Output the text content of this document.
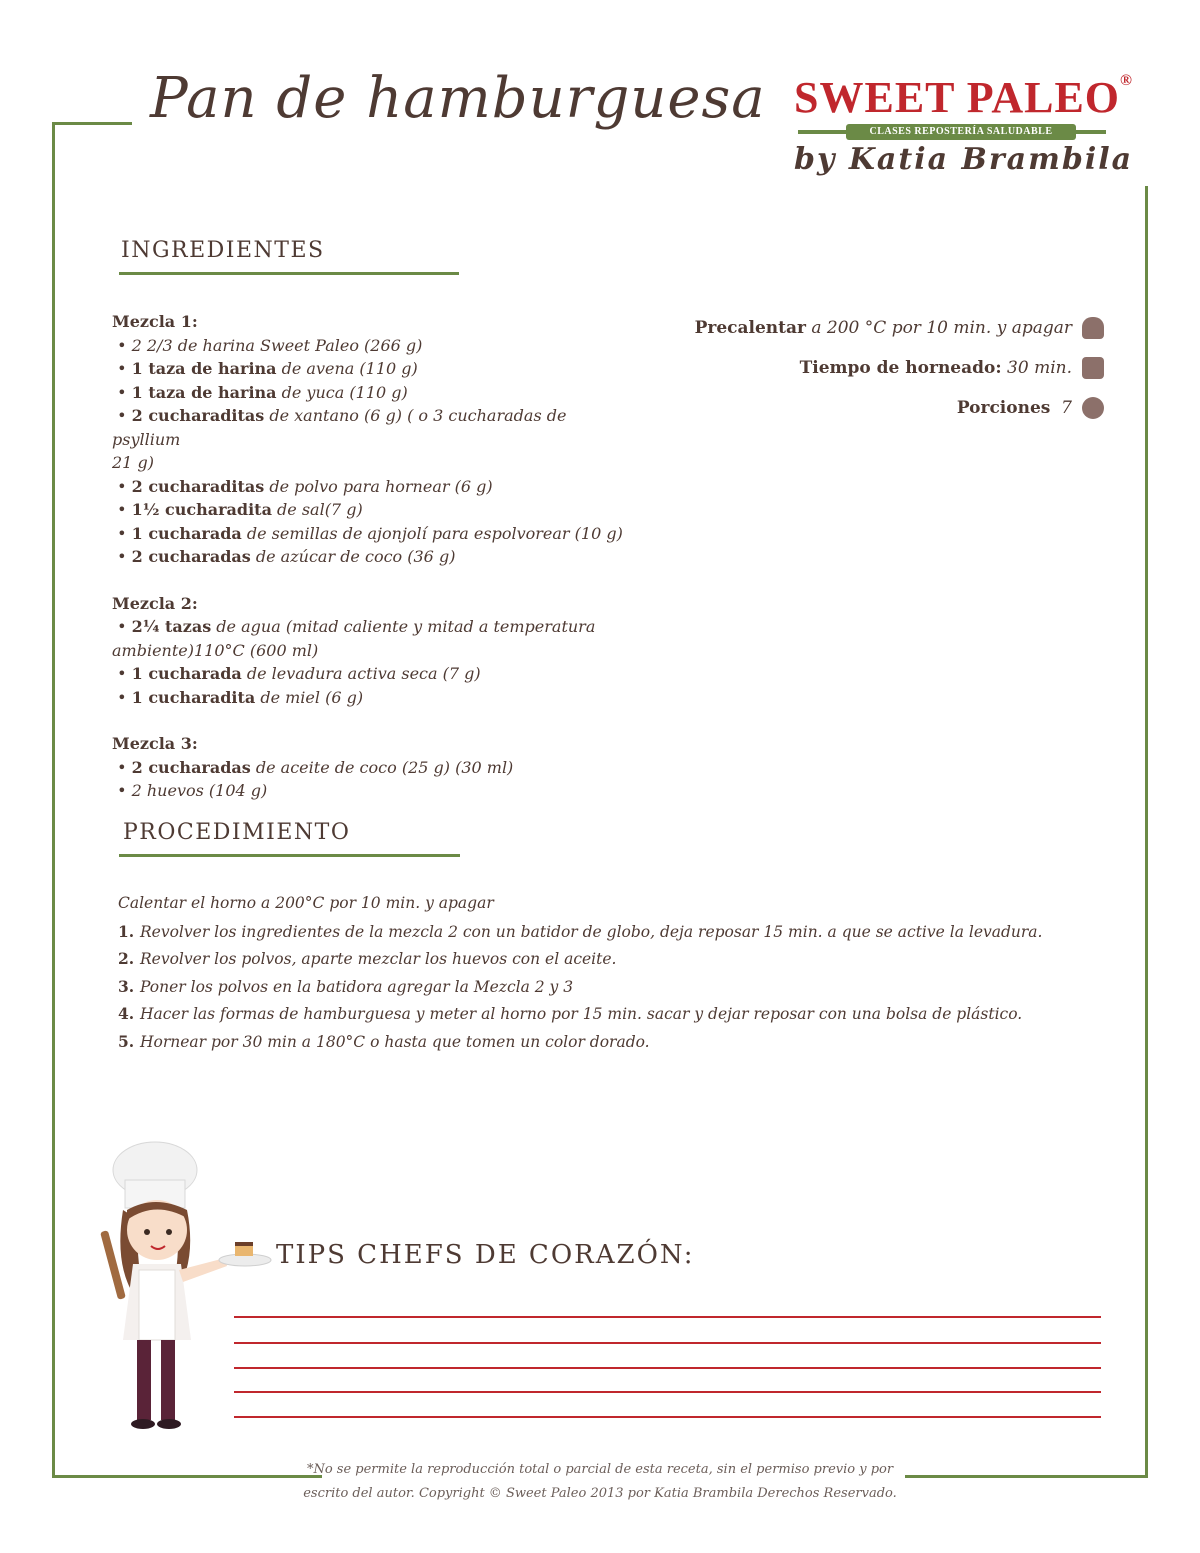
Pan de hamburguesa SWEET PALEO®
CLASES REPOSTERÍA SALUDABLE
by Katia Brambila
INGREDIENTES
Mezcla 1:
• 2 2/3 de harina Sweet Paleo (266 g)
• 1 taza de harina de avena (110 g)
• 1 taza de harina de yuca (110 g)
• 2 cucharaditas de xantano (6 g) ( o 3 cucharadas de psyllium
21 g)
• 2 cucharaditas de polvo para hornear (6 g)
• 1½ cucharadita de sal(7 g)
• 1 cucharada de semillas de ajonjolí para espolvorear (10 g)
• 2 cucharadas de azúcar de coco (36 g)
Mezcla 2:
• 2¼ tazas de agua (mitad caliente y mitad a temperatura
ambiente)110°C (600 ml)
• 1 cucharada de levadura activa seca (7 g)
• 1 cucharadita de miel (6 g)
Mezcla 3:
• 2 cucharadas de aceite de coco (25 g) (30 ml)
• 2 huevos (104 g)
Precalentar a 200 °C por 10 min. y apagar
Tiempo de horneado: 30 min.
Porciones 7
PROCEDIMIENTO
Calentar el horno a 200°C por 10 min. y apagar
1. Revolver los ingredientes de la mezcla 2 con un batidor de globo, deja reposar 15 min. a que se active la levadura.
2. Revolver los polvos, aparte mezclar los huevos con el aceite.
3. Poner los polvos en la batidora agregar la Mezcla 2 y 3
4. Hacer las formas de hamburguesa y meter al horno por 15 min. sacar y dejar reposar con una bolsa de plástico.
5. Hornear por 30 min a 180°C o hasta que tomen un color dorado.
TIPS CHEFS DE CORAZÓN:
*No se permite la reproducción total o parcial de esta receta, sin el permiso previo y por
escrito del autor. Copyright © Sweet Paleo 2013 por Katia Brambila Derechos Reservado.
